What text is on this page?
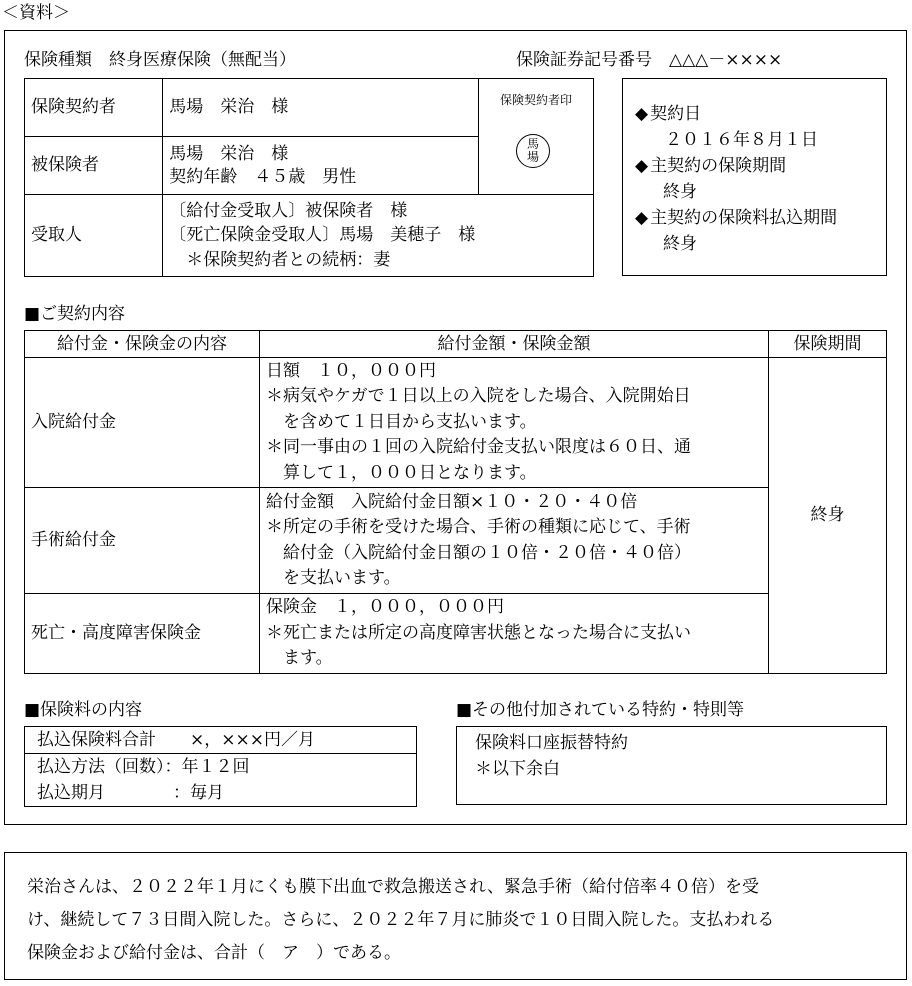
＜資料＞
保険種類　終身医療保険（無配当）	保険証券記号番号　△△△－××××
保険契約者	馬場　栄治　様	保険契約者印
馬
場

被保険者	馬場　栄治　様
契約年齢　４５歳　男性	

受取人	〔給付金受取人〕被保険者　様
〔死亡保険金受取人〕馬場　美穂子　様
　＊保険契約者との続柄：妻	
◆ 契約日
２０１６年８月１日
◆ 主契約の保険期間
終身
◆ 主契約の保険料払込期間
終身
■ご契約内容
給付金・保険金の内容	給付金額・保険金額	保険期間
入院給付金	日額　１０，０００円
＊病気やケガで１日以上の入院をした場合、入院開始日
　を含めて１日目から支払います。
＊同一事由の１回の入院給付金支払い限度は６０日、通
　算して１，０００日となります。	終身
手術給付金	給付金額　入院給付金日額×１０・２０・４０倍
＊所定の手術を受けた場合、手術の種類に応じて、手術
　給付金（入院給付金日額の１０倍・２０倍・４０倍）
　を支払います。	

死亡・高度障害保険金	保険金　１，０００，０００円
＊死亡または所定の高度障害状態となった場合に支払い
　ます。	
■保険料の内容
払込保険料合計　　×，×××円／月

払込方法（回数）：年１２回
払込期月　　　　：毎月
■その他付加されている特約・特則等
保険料口座振替特約
＊以下余白
栄治さんは、２０２２年１月にくも膜下出血で救急搬送され、緊急手術（給付倍率４０倍）を受
け、継続して７３日間入院した。さらに、２０２２年７月に肺炎で１０日間入院した。支払われる
保険金および給付金は、合計（　ア　）である。
